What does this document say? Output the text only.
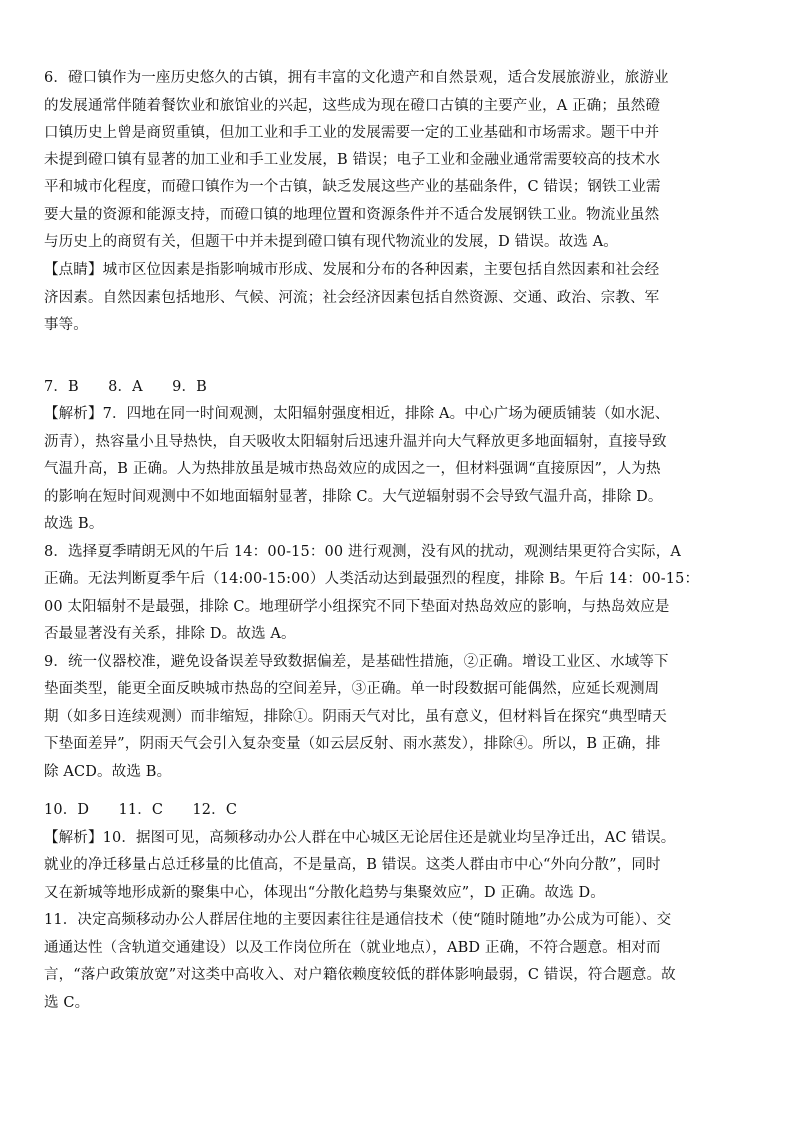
6．磴口镇作为一座历史悠久的古镇，拥有丰富的文化遗产和自然景观，适合发展旅游业，旅游业
的发展通常伴随着餐饮业和旅馆业的兴起，这些成为现在磴口古镇的主要产业，A 正确；虽然磴
口镇历史上曾是商贸重镇，但加工业和手工业的发展需要一定的工业基础和市场需求。题干中并
未提到磴口镇有显著的加工业和手工业发展，B 错误；电子工业和金融业通常需要较高的技术水
平和城市化程度，而磴口镇作为一个古镇，缺乏发展这些产业的基础条件，C 错误；钢铁工业需
要大量的资源和能源支持，而磴口镇的地理位置和资源条件并不适合发展钢铁工业。物流业虽然
与历史上的商贸有关，但题干中并未提到磴口镇有现代物流业的发展，D 错误。故选 A。
【点睛】城市区位因素是指影响城市形成、发展和分布的各种因素，主要包括自然因素和社会经
济因素。自然因素包括地形、气候、河流；社会经济因素包括自然资源、交通、政治、宗教、军
事等。
7．B　　8．A　　9．B
【解析】7．四地在同一时间观测，太阳辐射强度相近，排除 A。中心广场为硬质铺装（如水泥、
沥青），热容量小且导热快，自天吸收太阳辐射后迅速升温并向大气释放更多地面辐射，直接导致
气温升高，B 正确。人为热排放虽是城市热岛效应的成因之一，但材料强调“直接原因”，人为热
的影响在短时间观测中不如地面辐射显著，排除 C。大气逆辐射弱不会导致气温升高，排除 D。
故选 B。
8．选择夏季晴朗无风的午后 14：00-15：00 进行观测，没有风的扰动，观测结果更符合实际，A
正确。无法判断夏季午后（14:00-15:00）人类活动达到最强烈的程度，排除 B。午后 14：00-15：
00 太阳辐射不是最强，排除 C。地理研学小组探究不同下垫面对热岛效应的影响，与热岛效应是
否最显著没有关系，排除 D。故选 A。
9．统一仪器校准，避免设备误差导致数据偏差，是基础性措施，②正确。增设工业区、水域等下
垫面类型，能更全面反映城市热岛的空间差异，③正确。单一时段数据可能偶然，应延长观测周
期（如多日连续观测）而非缩短，排除①。阴雨天气对比，虽有意义，但材料旨在探究“典型晴天
下垫面差异”，阴雨天气会引入复杂变量（如云层反射、雨水蒸发），排除④。所以，B 正确，排
除 ACD。故选 B。
10．D　　11．C　　12．C
【解析】10．据图可见，高频移动办公人群在中心城区无论居住还是就业均呈净迁出，AC 错误。
就业的净迁移量占总迁移量的比值高，不是量高，B 错误。这类人群由市中心“外向分散”，同时
又在新城等地形成新的聚集中心，体现出“分散化趋势与集聚效应”，D 正确。故选 D。
11．决定高频移动办公人群居住地的主要因素往往是通信技术（使“随时随地”办公成为可能）、交
通通达性（含轨道交通建设）以及工作岗位所在（就业地点），ABD 正确，不符合题意。相对而
言，“落户政策放宽”对这类中高收入、对户籍依赖度较低的群体影响最弱，C 错误，符合题意。故
选 C。
